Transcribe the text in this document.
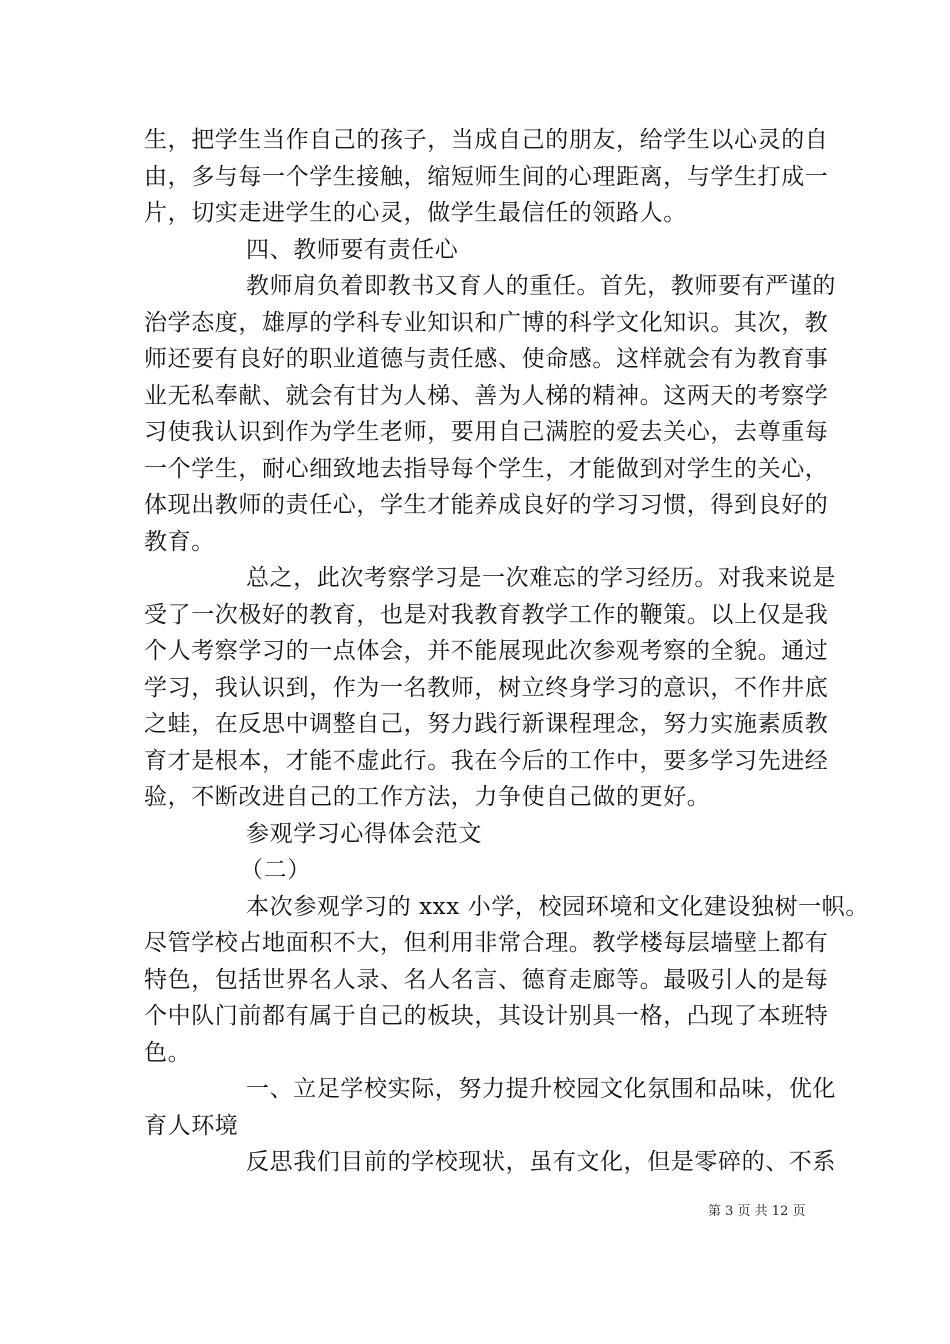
生，把学生当作自己的孩子，当成自己的朋友，给学生以心灵的自
由，多与每一个学生接触，缩短师生间的心理距离，与学生打成一
片，切实走进学生的心灵，做学生最信任的领路人。
四、教师要有责任心
教师肩负着即教书又育人的重任。首先，教师要有严谨的
治学态度，雄厚的学科专业知识和广博的科学文化知识。其次，教
师还要有良好的职业道德与责任感、使命感。这样就会有为教育事
业无私奉献、就会有甘为人梯、善为人梯的精神。这两天的考察学
习使我认识到作为学生老师，要用自己满腔的爱去关心，去尊重每
一个学生，耐心细致地去指导每个学生，才能做到对学生的关心，
体现出教师的责任心，学生才能养成良好的学习习惯，得到良好的
教育。
总之，此次考察学习是一次难忘的学习经历。对我来说是
受了一次极好的教育，也是对我教育教学工作的鞭策。以上仅是我
个人考察学习的一点体会，并不能展现此次参观考察的全貌。通过
学习，我认识到，作为一名教师，树立终身学习的意识，不作井底
之蛙，在反思中调整自己，努力践行新课程理念，努力实施素质教
育才是根本，才能不虚此行。我在今后的工作中，要多学习先进经
验，不断改进自己的工作方法，力争使自己做的更好。
参观学习心得体会范文
（二）
本次参观学习的 xxx 小学，校园环境和文化建设独树一帜。
尽管学校占地面积不大，但利用非常合理。教学楼每层墙壁上都有
特色，包括世界名人录、名人名言、德育走廊等。最吸引人的是每
个中队门前都有属于自己的板块，其设计别具一格，凸现了本班特
色。
一、立足学校实际，努力提升校园文化氛围和品味，优化
育人环境
反思我们目前的学校现状，虽有文化，但是零碎的、不系
第 3 页 共 12 页
